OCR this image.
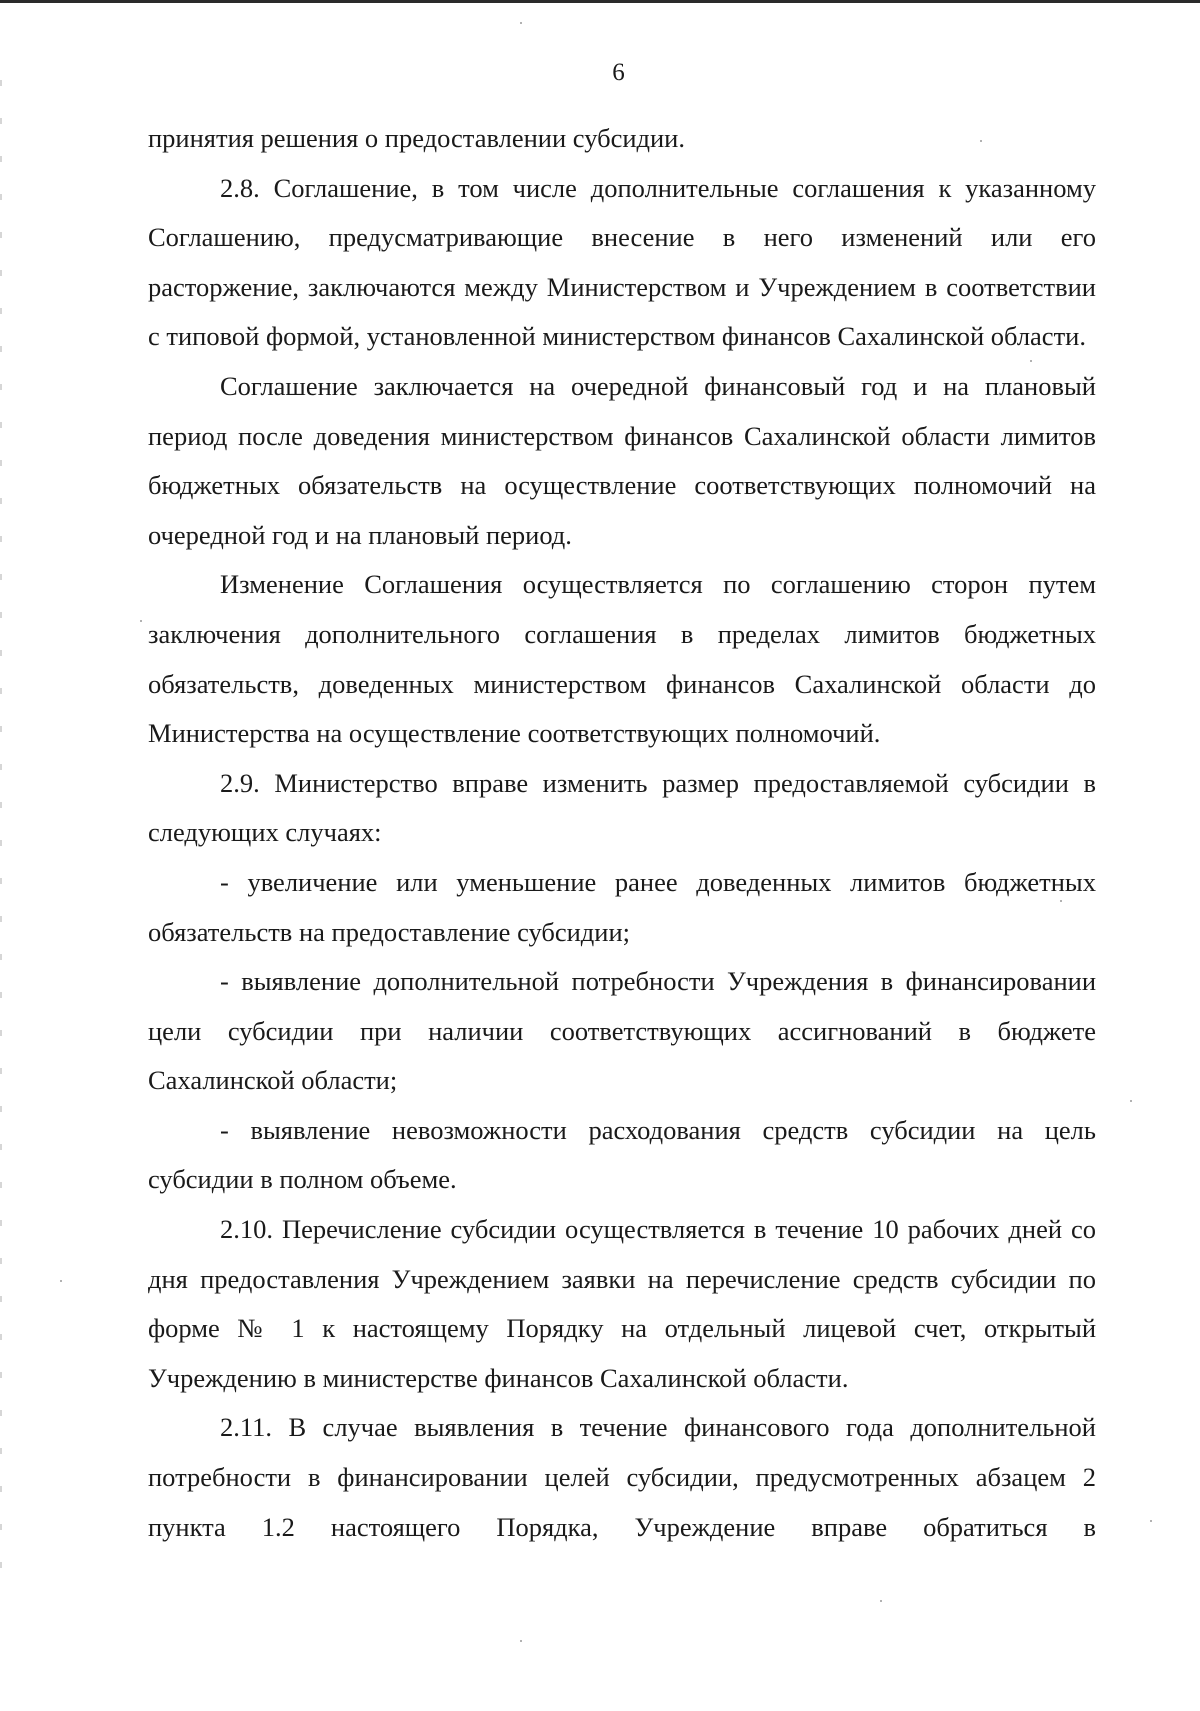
6

принятия решения о предоставлении субсидии.

2.8. Соглашение, в том числе дополнительные соглашения к указанному Соглашению, предусматривающие внесение в него изменений или его расторжение, заключаются между Министерством и Учреждением в соответствии с типовой формой, установленной министерством финансов Сахалинской области.

Соглашение заключается на очередной финансовый год и на плановый период после доведения министерством финансов Сахалинской области лимитов бюджетных обязательств на осуществление соответствующих полномочий на очередной год и на плановый период.

Изменение Соглашения осуществляется по соглашению сторон путем заключения дополнительного соглашения в пределах лимитов бюджетных обязательств, доведенных министерством финансов Сахалинской области до Министерства на осуществление соответствующих полномочий.

2.9. Министерство вправе изменить размер предоставляемой субсидии в следующих случаях:

- увеличение или уменьшение ранее доведенных лимитов бюджетных обязательств на предоставление субсидии;

- выявление дополнительной потребности Учреждения в финансировании цели субсидии при наличии соответствующих ассигнований в бюджете Сахалинской области;

- выявление невозможности расходования средств субсидии на цель субсидии в полном объеме.

2.10. Перечисление субсидии осуществляется в течение 10 рабочих дней со дня предоставления Учреждением заявки на перечисление средств субсидии по форме № 1 к настоящему Порядку на отдельный лицевой счет, открытый Учреждению в министерстве финансов Сахалинской области.

2.11. В случае выявления в течение финансового года дополнительной потребности в финансировании целей субсидии, предусмотренных абзацем 2 пункта 1.2 настоящего Порядка, Учреждение вправе обратиться в
